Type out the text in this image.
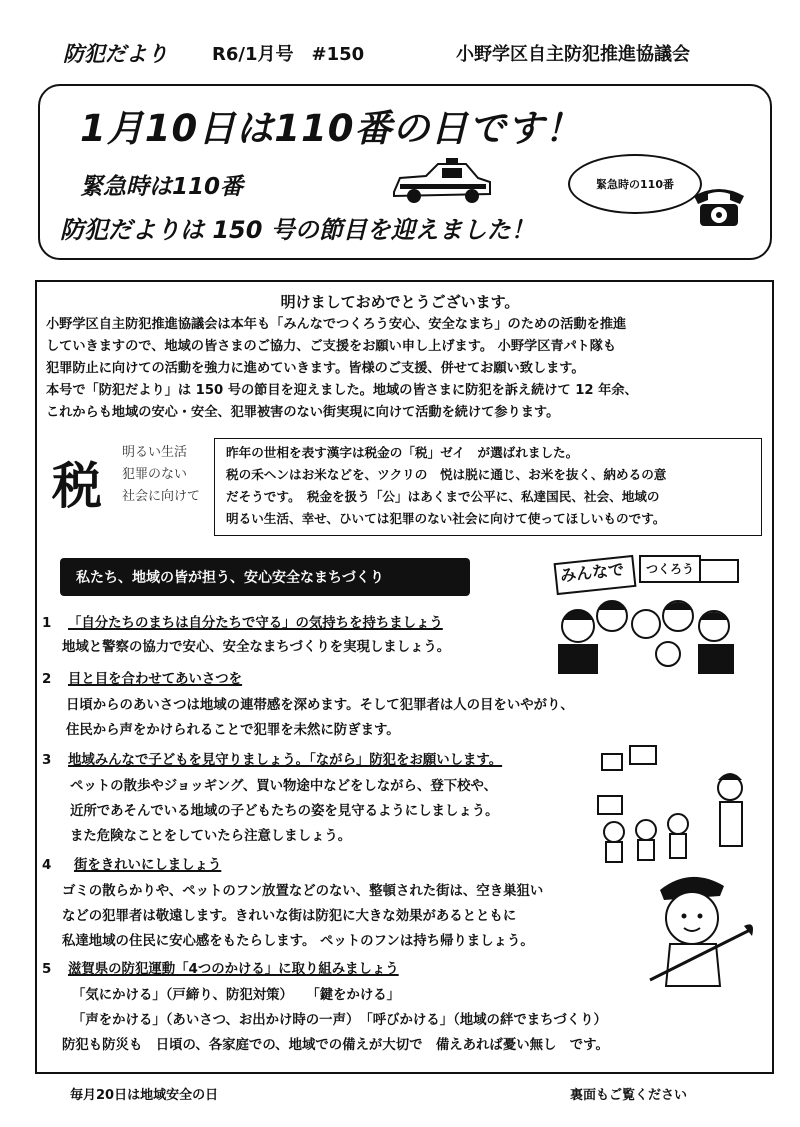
防犯だより R6/1月号　#150	小野学区自主防犯推進協議会
1月10日は110番の日です！
緊急時は110番
防犯だよりは 150 号の節目を迎えました！
緊急時の110番
明けましておめでとうございます。
小野学区自主防犯推進協議会は本年も「みんなでつくろう安心、安全なまち」のための活動を推進
していきますので、地域の皆さまのご協力、ご支援をお願い申し上げます。 小野学区青パト隊も
犯罪防止に向けての活動を強力に進めていきます。皆様のご支援、併せてお願い致します。
本号で「防犯だより」は 150 号の節目を迎えました。地域の皆さまに防犯を訴え続けて 12 年余、
これからも地域の安心・安全、犯罪被害のない街実現に向けて活動を続けて参ります。
税
明るい生活
犯罪のない
社会に向けて
昨年の世相を表す漢字は税金の「税」ゼイ　が選ばれました。
税の禾ヘンはお米などを、ツクリの　悦は脱に通じ、お米を抜く、納めるの意
だそうです。　税金を扱う「公」はあくまで公平に、私達国民、社会、地域の
明るい生活、幸せ、ひいては犯罪のない社会に向けて使ってほしいものです。
私たち、地域の皆が担う、安心安全なまちづくり	みんなで つくろう
1 「自分たちのまちは自分たちで守る」の気持ちを持ちましょう
地域と警察の協力で安心、安全なまちづくりを実現しましょう。
2 目と目を合わせてあいさつを
日頃からのあいさつは地域の連帯感を深めます。そして犯罪者は人の目をいやがり、
住民から声をかけられることで犯罪を未然に防ぎます。
3 地域みんなで子どもを見守りましょう。「ながら」防犯をお願いします。
ペットの散歩やジョッギング、買い物途中などをしながら、登下校や、
近所であそんでいる地域の子どもたちの姿を見守るようにしましょう。
また危険なことをしていたら注意しましょう。
4 街をきれいにしましょう
ゴミの散らかりや、ペットのフン放置などのない、整頓された街は、空き巣狙い
などの犯罪者は敬遠します。きれいな街は防犯に大きな効果があるとともに
私達地域の住民に安心感をもたらします。 ペットのフンは持ち帰りましょう。
5 滋賀県の防犯運動「4つのかける」に取り組みましょう
「気にかける」（戸締り、防犯対策）　　「鍵をかける」
「声をかける」（あいさつ、お出かけ時の一声）　「呼びかける」（地域の絆でまちづくり）
防犯も防災も　日頃の、各家庭での、地域での備えが大切で　備えあれば憂い無し　です。
毎月20日は地域安全の日	裏面もご覧ください
